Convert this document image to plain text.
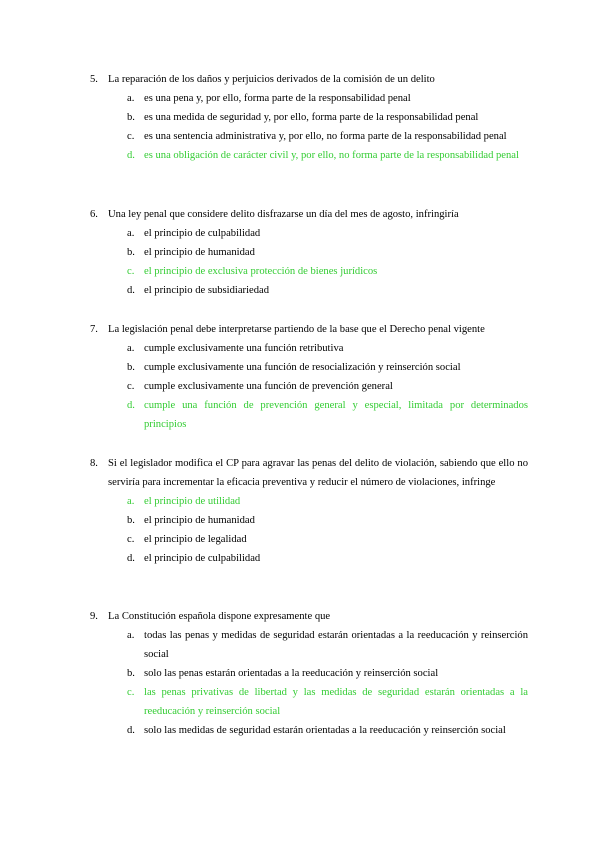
5. La reparación de los daños y perjuicios derivados de la comisión de un delito
a. es una pena y, por ello, forma parte de la responsabilidad penal
b. es una medida de seguridad y, por ello, forma parte de la responsabilidad penal
c. es una sentencia administrativa y, por ello, no forma parte de la responsabilidad penal
d. es una obligación de carácter civil y, por ello, no forma parte de la responsabilidad penal
6. Una ley penal que considere delito disfrazarse un día del mes de agosto, infringiría
a. el principio de culpabilidad
b. el principio de humanidad
c. el principio de exclusiva protección de bienes jurídicos
d. el principio de subsidiariedad
7. La legislación penal debe interpretarse partiendo de la base que el Derecho penal vigente
a. cumple exclusivamente una función retributiva
b. cumple exclusivamente una función de resocialización y reinserción social
c. cumple exclusivamente una función de prevención general
d. cumple una función de prevención general y especial, limitada por determinados principios
8. Si el legislador modifica el CP para agravar las penas del delito de violación, sabiendo que ello no serviría para incrementar la eficacia preventiva y reducir el número de violaciones, infringe
a. el principio de utilidad
b. el principio de humanidad
c. el principio de legalidad
d. el principio de culpabilidad
9. La Constitución española dispone expresamente que
a. todas las penas y medidas de seguridad estarán orientadas a la reeducación y reinserción social
b. solo las penas estarán orientadas a la reeducación y reinserción social
c. las penas privativas de libertad y las medidas de seguridad estarán orientadas a la reeducación y reinserción social
d. solo las medidas de seguridad estarán orientadas a la reeducación y reinserción social
